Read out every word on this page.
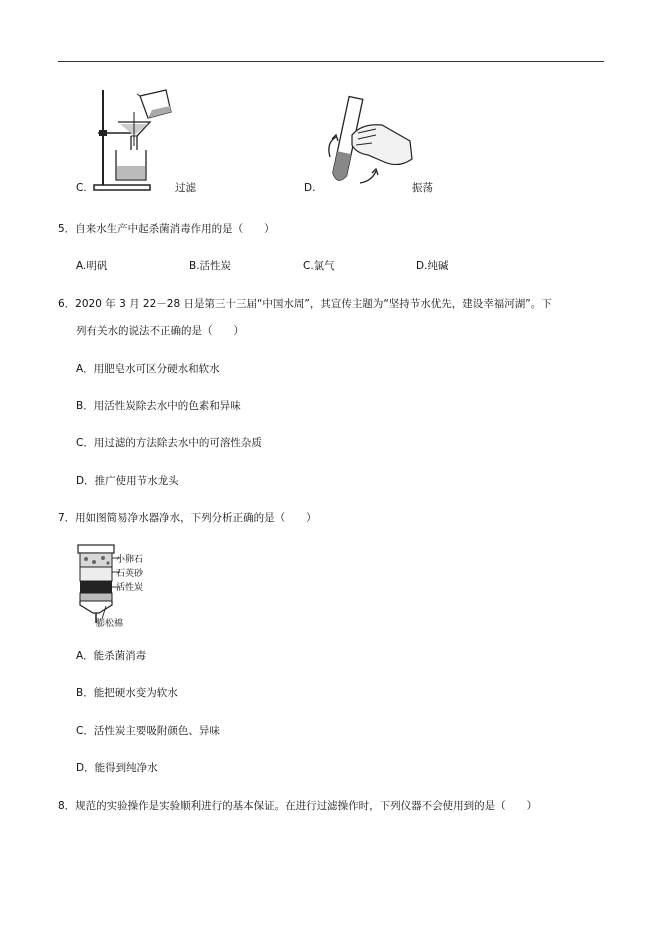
C.	过滤	D.	振荡
5．自来水生产中起杀菌消毒作用的是（　　）
A.明矾	B.活性炭	C.氯气	D.纯碱
6．2020 年 3 月 22－28 日是第三十三届“中国水周”，其宣传主题为“坚持节水优先，建设幸福河湖”。下
列有关水的说法不正确的是（　　）
A．用肥皂水可区分硬水和软水
B．用活性炭除去水中的色素和异味
C．用过滤的方法除去水中的可溶性杂质
D．推广使用节水龙头
7．用如图简易净水器净水，下列分析正确的是（　　）
小卵石
石英砂
活性炭
膨松棉
A．能杀菌消毒
B．能把硬水变为软水
C．活性炭主要吸附颜色、异味
D．能得到纯净水
8．规范的实验操作是实验顺利进行的基本保证。在进行过滤操作时，下列仪器不会使用到的是（　　）
